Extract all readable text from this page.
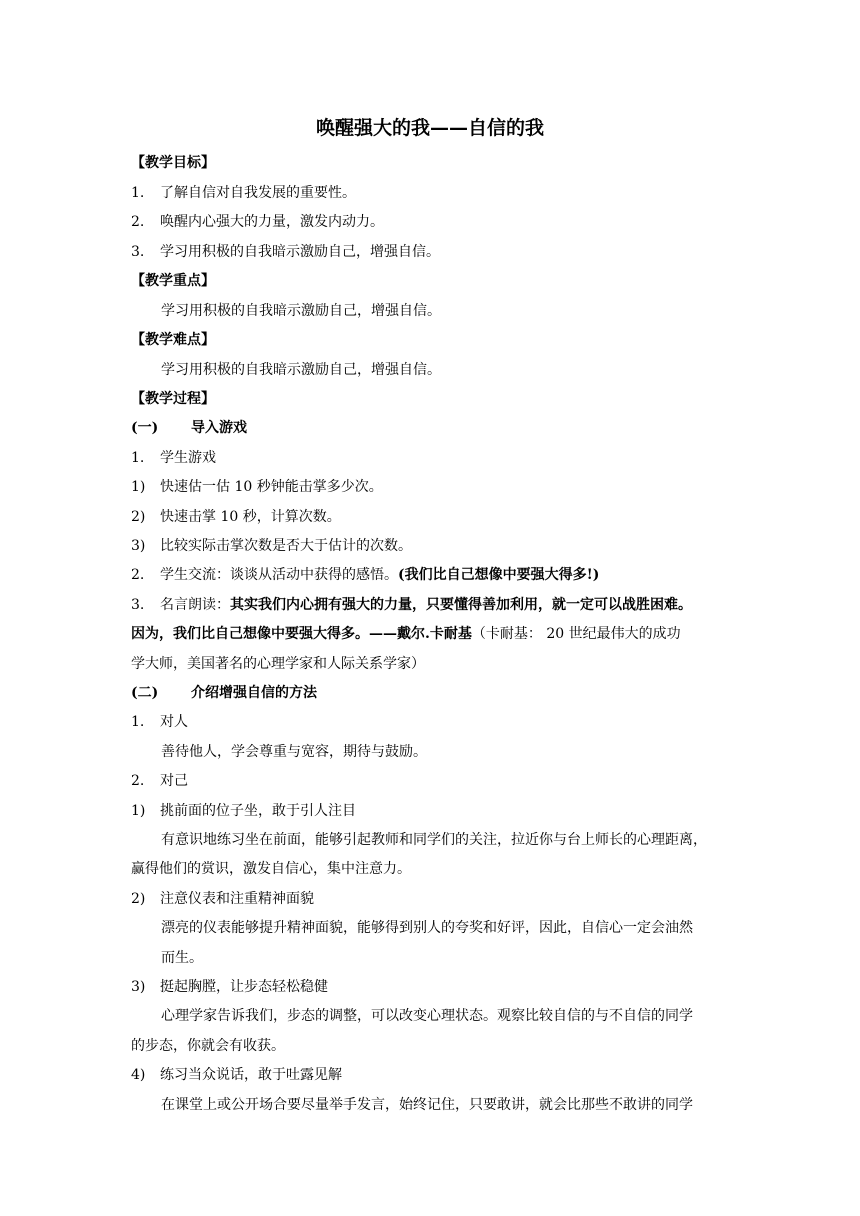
唤醒强大的我——自信的我
【教学目标】
1. 了解自信对自我发展的重要性。
2. 唤醒内心强大的力量，激发内动力。
3. 学习用积极的自我暗示激励自己，增强自信。
【教学重点】
学习用积极的自我暗示激励自己，增强自信。
【教学难点】
学习用积极的自我暗示激励自己，增强自信。
【教学过程】
(一) 导入游戏
1. 学生游戏
1) 快速估一估 10 秒钟能击掌多少次。
2) 快速击掌 10 秒，计算次数。
3) 比较实际击掌次数是否大于估计的次数。
2. 学生交流：谈谈从活动中获得的感悟。(我们比自己想像中要强大得多!)
3. 名言朗读：其实我们内心拥有强大的力量，只要懂得善加利用，就一定可以战胜困难。
因为，我们比自己想像中要强大得多。——戴尔.卡耐基（卡耐基： 20 世纪最伟大的成功
学大师，美国著名的心理学家和人际关系学家）
(二) 介绍增强自信的方法
1. 对人
善待他人，学会尊重与宽容，期待与鼓励。
2. 对己
1) 挑前面的位子坐，敢于引人注目
有意识地练习坐在前面，能够引起教师和同学们的关注，拉近你与台上师长的心理距离，
赢得他们的赏识，激发自信心，集中注意力。
2) 注意仪表和注重精神面貌
漂亮的仪表能够提升精神面貌，能够得到别人的夸奖和好评，因此，自信心一定会油然
而生。
3) 挺起胸膛，让步态轻松稳健
心理学家告诉我们，步态的调整，可以改变心理状态。观察比较自信的与不自信的同学
的步态，你就会有收获。
4) 练习当众说话，敢于吐露见解
在课堂上或公开场合要尽量举手发言，始终记住，只要敢讲，就会比那些不敢讲的同学
